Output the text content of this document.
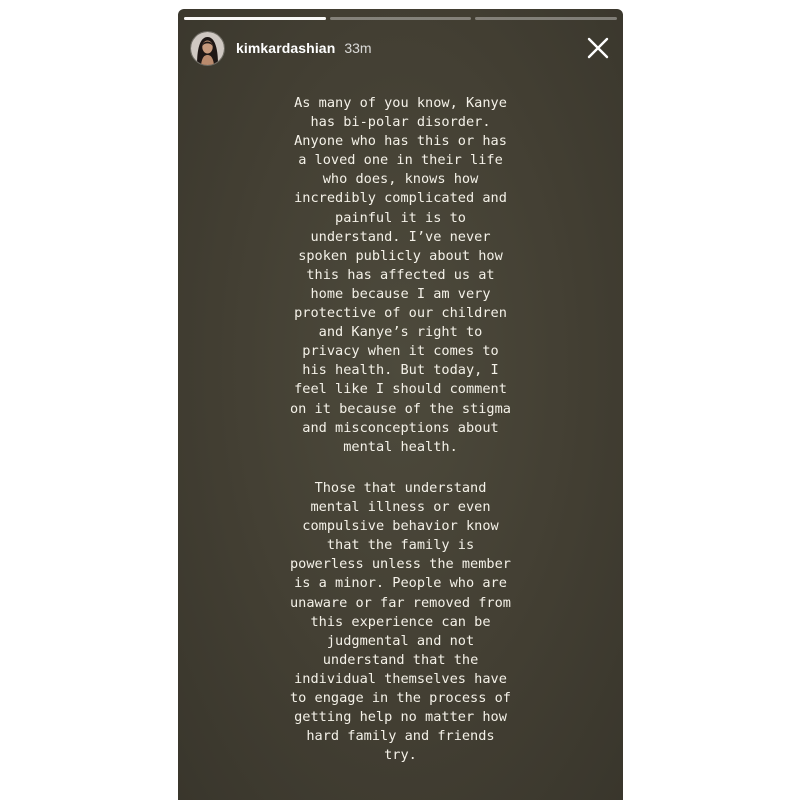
kimkardashian 33m
As many of you know, Kanye
has bi-polar disorder.
Anyone who has this or has
a loved one in their life
who does, knows how
incredibly complicated and
painful it is to
understand. I’ve never
spoken publicly about how
this has affected us at
home because I am very
protective of our children
and Kanye’s right to
privacy when it comes to
his health. But today, I
feel like I should comment
on it because of the stigma
and misconceptions about
mental health.
Those that understand
mental illness or even
compulsive behavior know
that the family is
powerless unless the member
is a minor. People who are
unaware or far removed from
this experience can be
judgmental and not
understand that the
individual themselves have
to engage in the process of
getting help no matter how
hard family and friends
try.
